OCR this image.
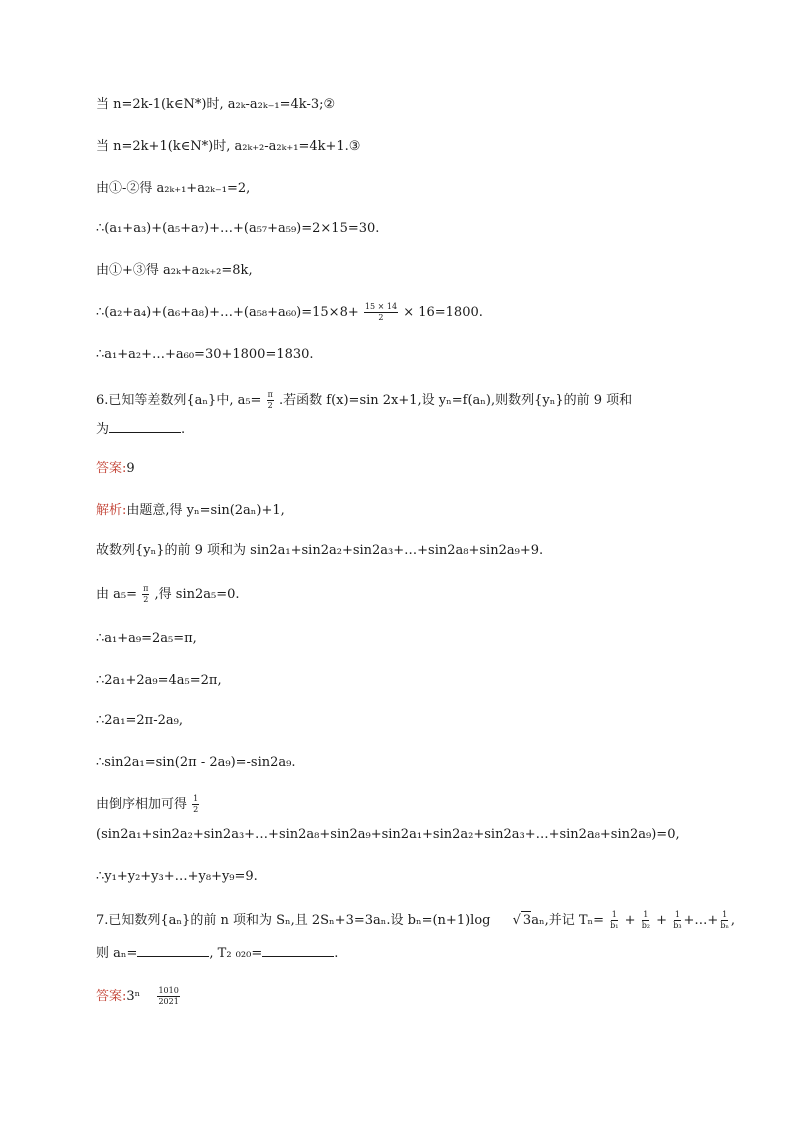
当 n=2k-1(k∈N*)时, a₂ₖ-a₂ₖ₋₁=4k-3;②
当 n=2k+1(k∈N*)时, a₂ₖ₊₂-a₂ₖ₊₁=4k+1.③
由①-②得 a₂ₖ₊₁+a₂ₖ₋₁=2,
∴(a₁+a₃)+(a₅+a₇)+…+(a₅₇+a₅₉)=2×15=30.
由①+③得 a₂ₖ+a₂ₖ₊₂=8k,
∴(a₂+a₄)+(a₆+a₈)+…+(a₅₈+a₆₀)=15×8+ $\frac{15 \times 14}{2} \times 16=1800$.
∴a₁+a₂+…+a₆₀=30+1800=1830.
6.已知等差数列{aₙ}中, $a_5= \frac{\pi}{2}$ .若函数 f(x)=sin 2x+1,设 yₙ=f(aₙ),则数列{yₙ}的前 9 项和
为	.
答案:9
解析:由题意,得 yₙ=sin(2aₙ)+1,
故数列{yₙ}的前 9 项和为 sin2a₁+sin2a₂+sin2a₃+…+sin2a₈+sin2a₉+9.
由 $a_5= \frac{\pi}{2}$ ,得 sin2a₅=0.
∴a₁+a₉=2a₅=π,
∴2a₁+2a₉=4a₅=2π,
∴2a₁=2π-2a₉,
∴sin2a₁=sin(2π - 2a₉)=-sin2a₉.
由倒序相加可得 $\frac{1}{2}$
(sin2a₁+sin2a₂+sin2a₃+…+sin2a₈+sin2a₉+sin2a₁+sin2a₂+sin2a₃+…+sin2a₈+sin2a₉)=0,
∴y₁+y₂+y₃+…+y₈+y₉=9.
7.已知数列{aₙ}的前 n 项和为 Sₙ,且 2Sₙ+3=3aₙ.设 bₙ=(n+1)log √ 3aₙ,并记 $T_n= \frac{1}{\text{b₁}} + \frac{1}{\text{b₂}} + \frac{1}{\text{b₃}}$ +…+ $\frac{1}{\text{bₙ}}$ ,
则 aₙ=	, T₂ ₀₂₀=	.
答案:3ⁿ $\frac{1010}{2021}$
